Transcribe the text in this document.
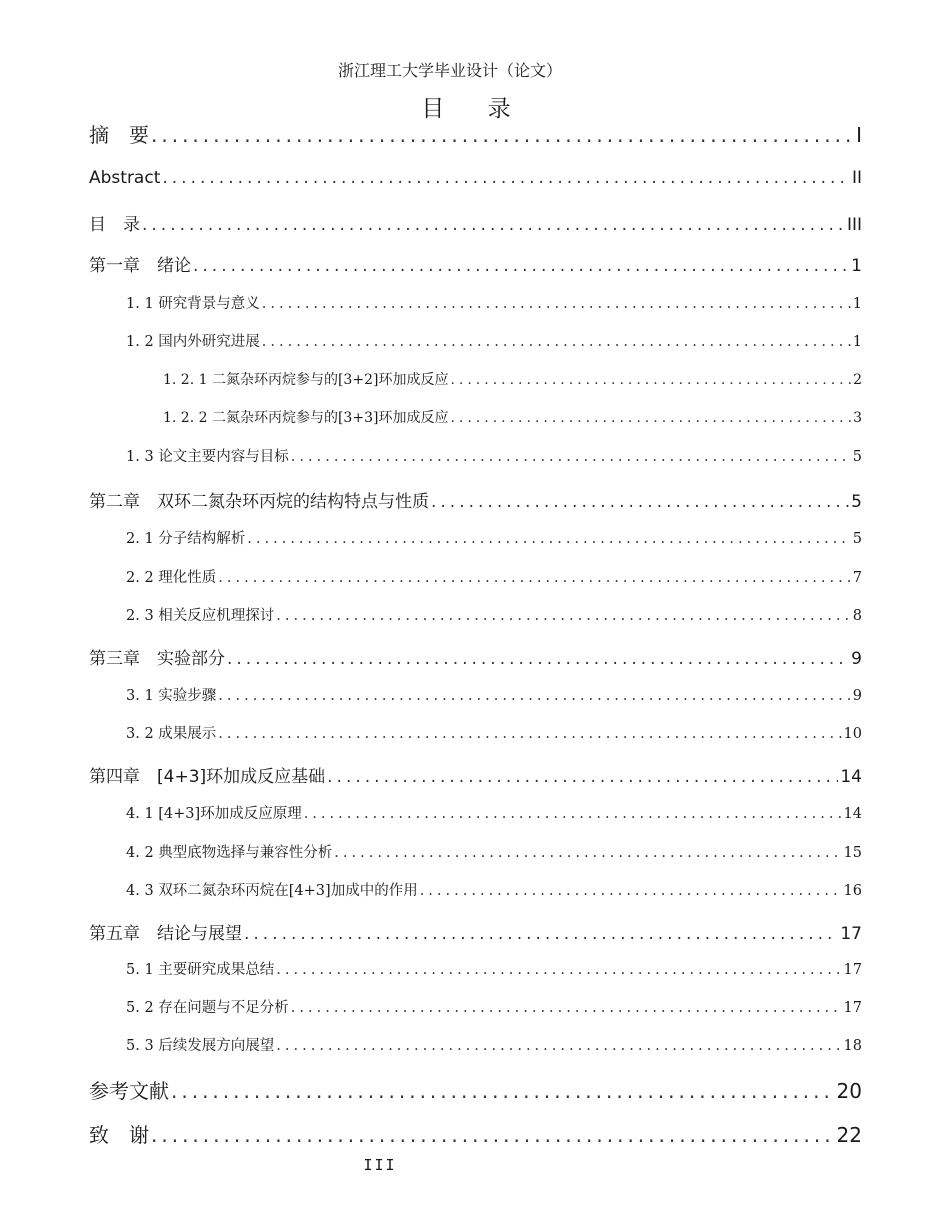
浙江理工大学毕业设计（论文）
目 录
摘　要 .....	I
Abstract .....	II
目　录 .....	III
第一章　绪论 .....	1
1. 1 研究背景与意义 .....	1
1. 2 国内外研究进展 .....	1
1. 2. 1 二氮杂环丙烷参与的[3+2]环加成反应 .....	2
1. 2. 2 二氮杂环丙烷参与的[3+3]环加成反应 .....	3
1. 3 论文主要内容与目标 .....	5
第二章　双环二氮杂环丙烷的结构特点与性质 .....	5
2. 1 分子结构解析 .....	5
2. 2 理化性质 .....	7
2. 3 相关反应机理探讨 .....	8
第三章　实验部分 .....	9
3. 1 实验步骤 .....	9
3. 2 成果展示 .....	10
第四章　[4+3]环加成反应基础 .....	14
4. 1 [4+3]环加成反应原理 .....	14
4. 2 典型底物选择与兼容性分析 .....	15
4. 3 双环二氮杂环丙烷在[4+3]加成中的作用 .....	16
第五章　结论与展望 .....	17
5. 1 主要研究成果总结 .....	17
5. 2 存在问题与不足分析 .....	17
5. 3 后续发展方向展望 .....	18
参考文献 .....	20
致　谢 .....	22
III
